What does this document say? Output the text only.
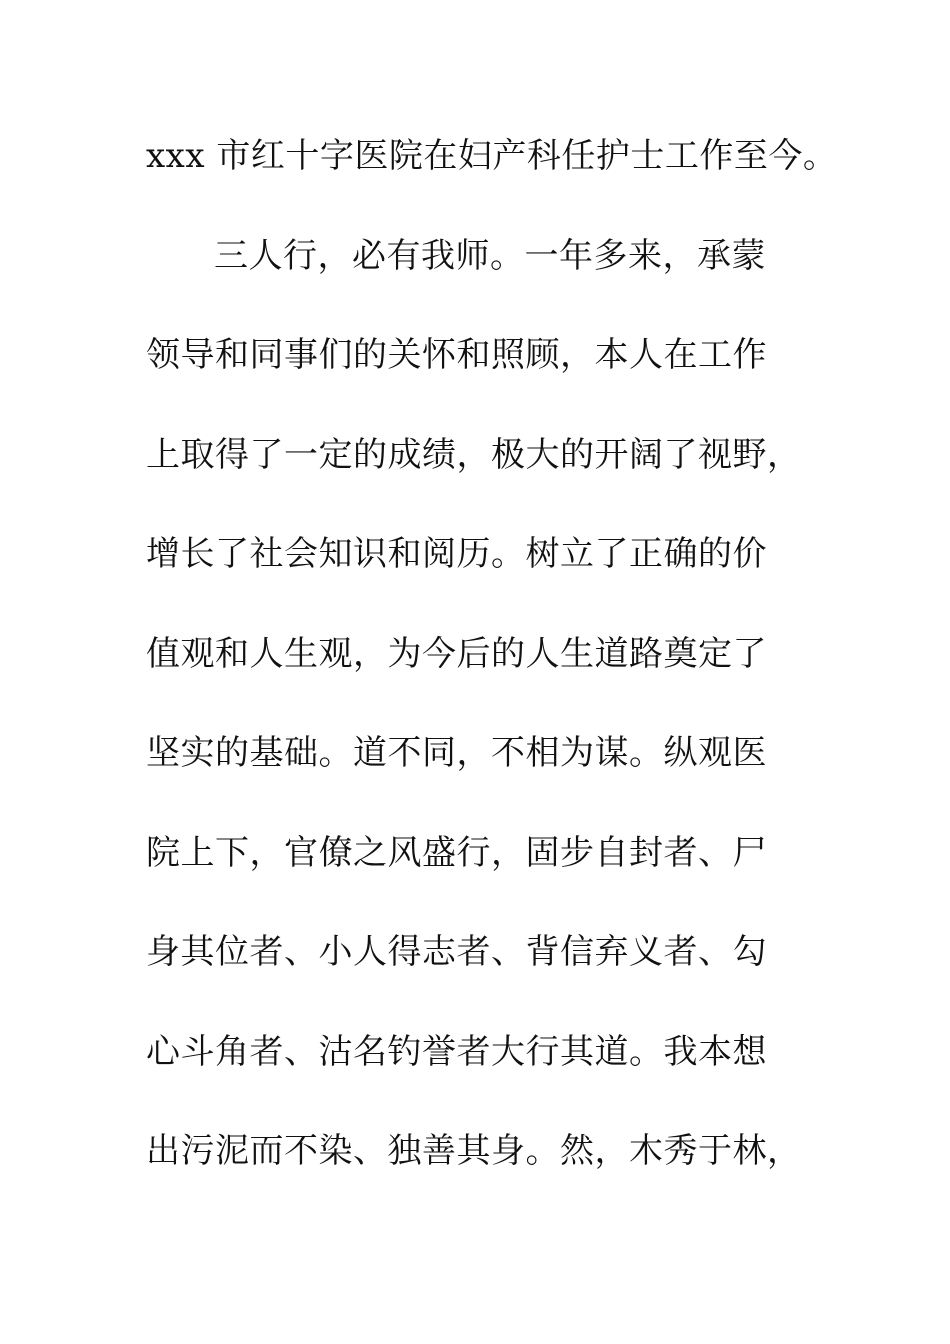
xxx 市红十字医院在妇产科任护士工作至今。
三人行，必有我师。一年多来，承蒙
领导和同事们的关怀和照顾，本人在工作
上取得了一定的成绩，极大的开阔了视野，
增长了社会知识和阅历。树立了正确的价
值观和人生观，为今后的人生道路奠定了
坚实的基础。道不同，不相为谋。纵观医
院上下，官僚之风盛行，固步自封者、尸
身其位者、小人得志者、背信弃义者、勾
心斗角者、沽名钓誉者大行其道。我本想
出污泥而不染、独善其身。然，木秀于林，
